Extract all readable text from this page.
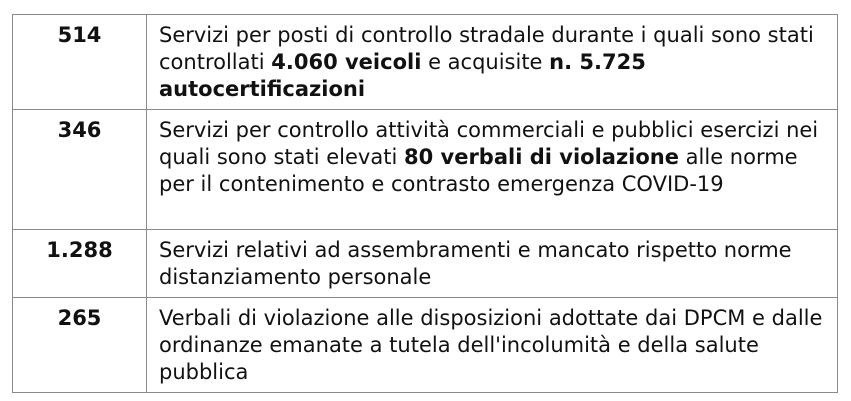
514	Servizi per posti di controllo stradale durante i quali sono stati controllati 4.060 veicoli e acquisite n. 5.725 autocertificazioni
346	Servizi per controllo attività commerciali e pubblici esercizi nei quali sono stati elevati 80 verbali di violazione alle norme per il contenimento e contrasto emergenza COVID-19
1.288	Servizi relativi ad assembramenti e mancato rispetto norme distanziamento personale
265	Verbali di violazione alle disposizioni adottate dai DPCM e dalle ordinanze emanate a tutela dell'incolumità e della salute pubblica
